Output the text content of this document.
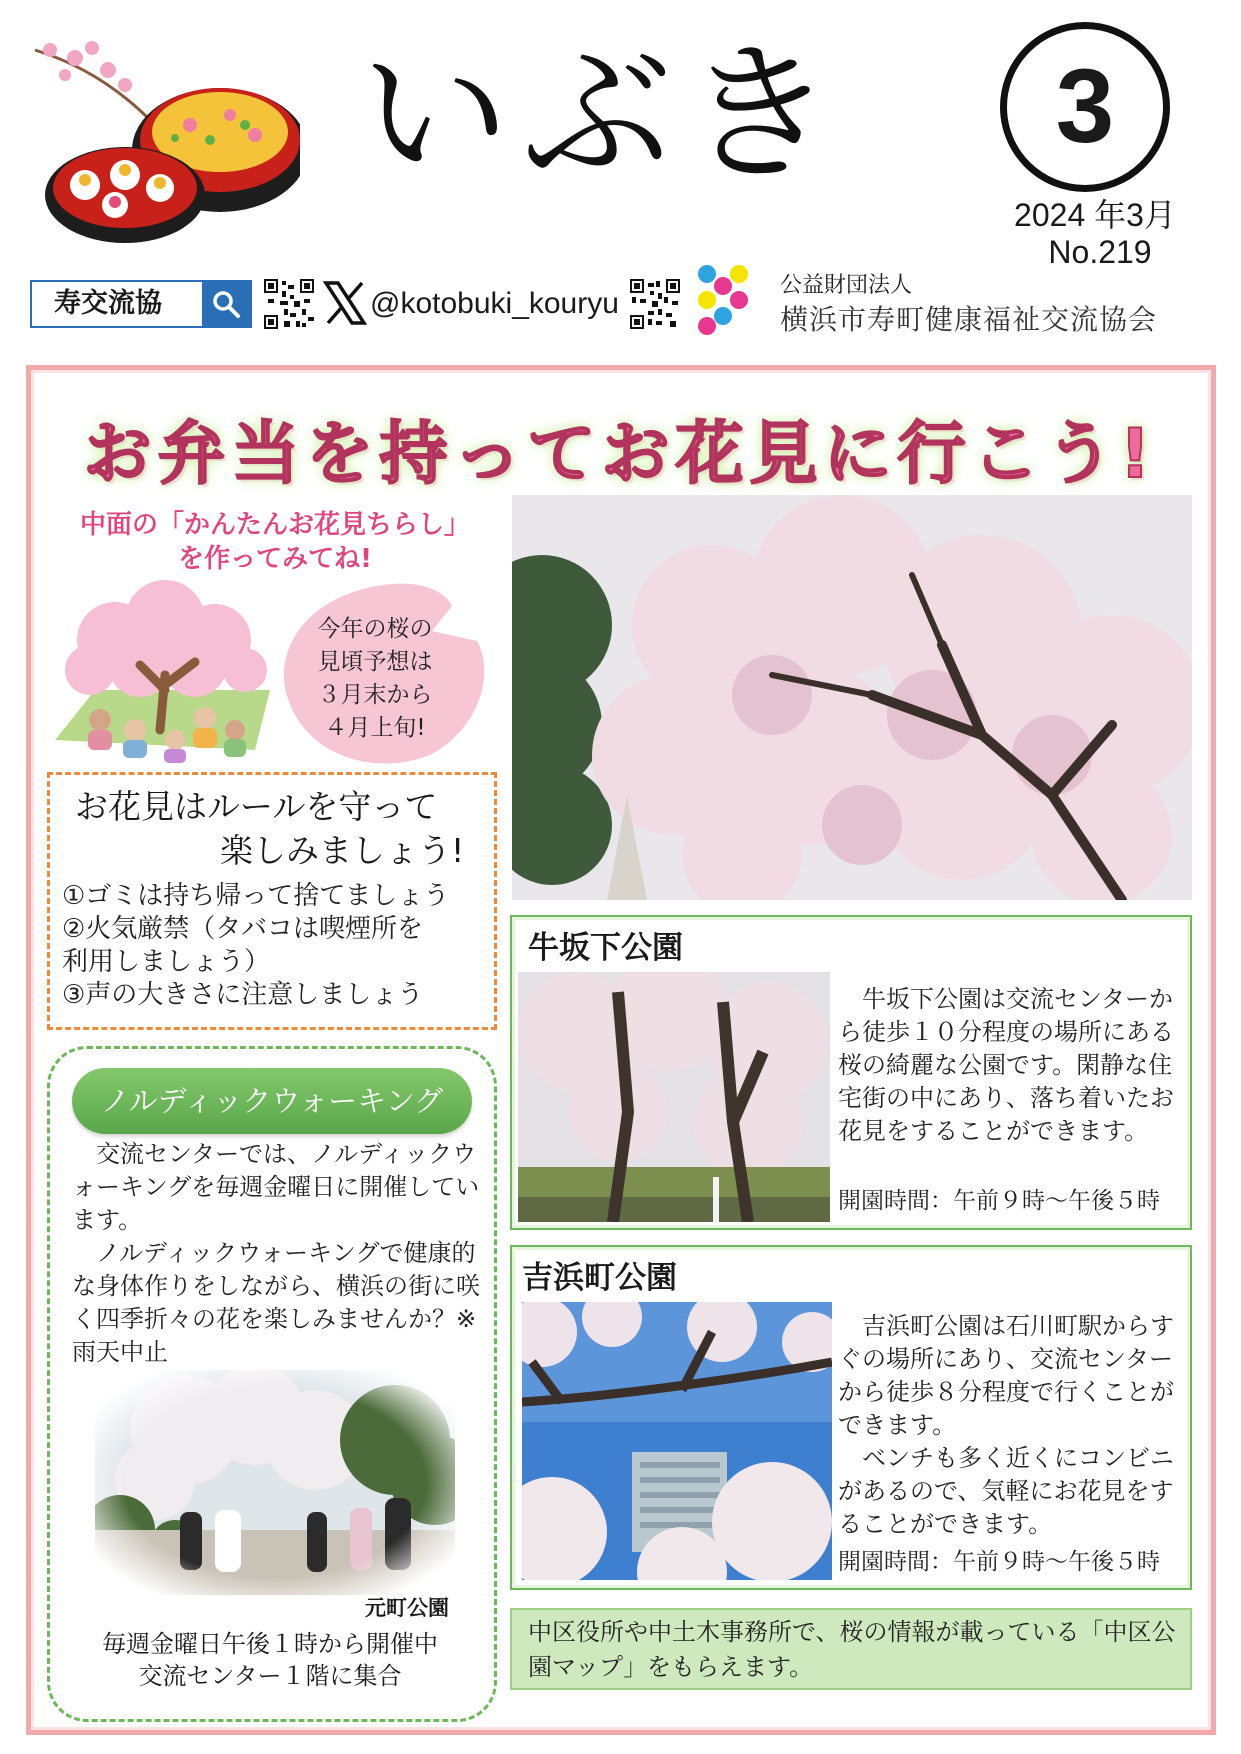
いぶき	3
2024 年3月
No.219
寿交流協	@kotobuki_kouryu
公益財団法人
横浜市寿町健康福祉交流協会
お弁当を持ってお花見に行こう!
中面の「かんたんお花見ちらし」
を作ってみてね!
今年の桜の
見頃予想は
３月末から
４月上旬!
お花見はルールを守って
楽しみましょう!
①ゴミは持ち帰って捨てましょう
②火気厳禁（タバコは喫煙所を
利用しましょう）
③声の大きさに注意しましょう
ノルディックウォーキング

交流センターでは、ノルディックウォーキングを毎週金曜日に開催しています。

ノルディックウォーキングで健康的な身体作りをしながら、横浜の街に咲く四季折々の花を楽しみませんか？※雨天中止

元町公園
毎週金曜日午後１時から開催中
交流センター１階に集合
牛坂下公園

牛坂下公園は交流センターから徒歩１０分程度の場所にある桜の綺麗な公園です。閑静な住宅街の中にあり、落ち着いたお花見をすることができます。

開園時間：午前９時～午後５時
吉浜町公園

吉浜町公園は石川町駅からすぐの場所にあり、交流センターから徒歩８分程度で行くことができます。

ベンチも多く近くにコンビニがあるので、気軽にお花見をすることができます。

開園時間：午前９時～午後５時
中区役所や中土木事務所で、桜の情報が載っている「中区公園マップ」をもらえます。
